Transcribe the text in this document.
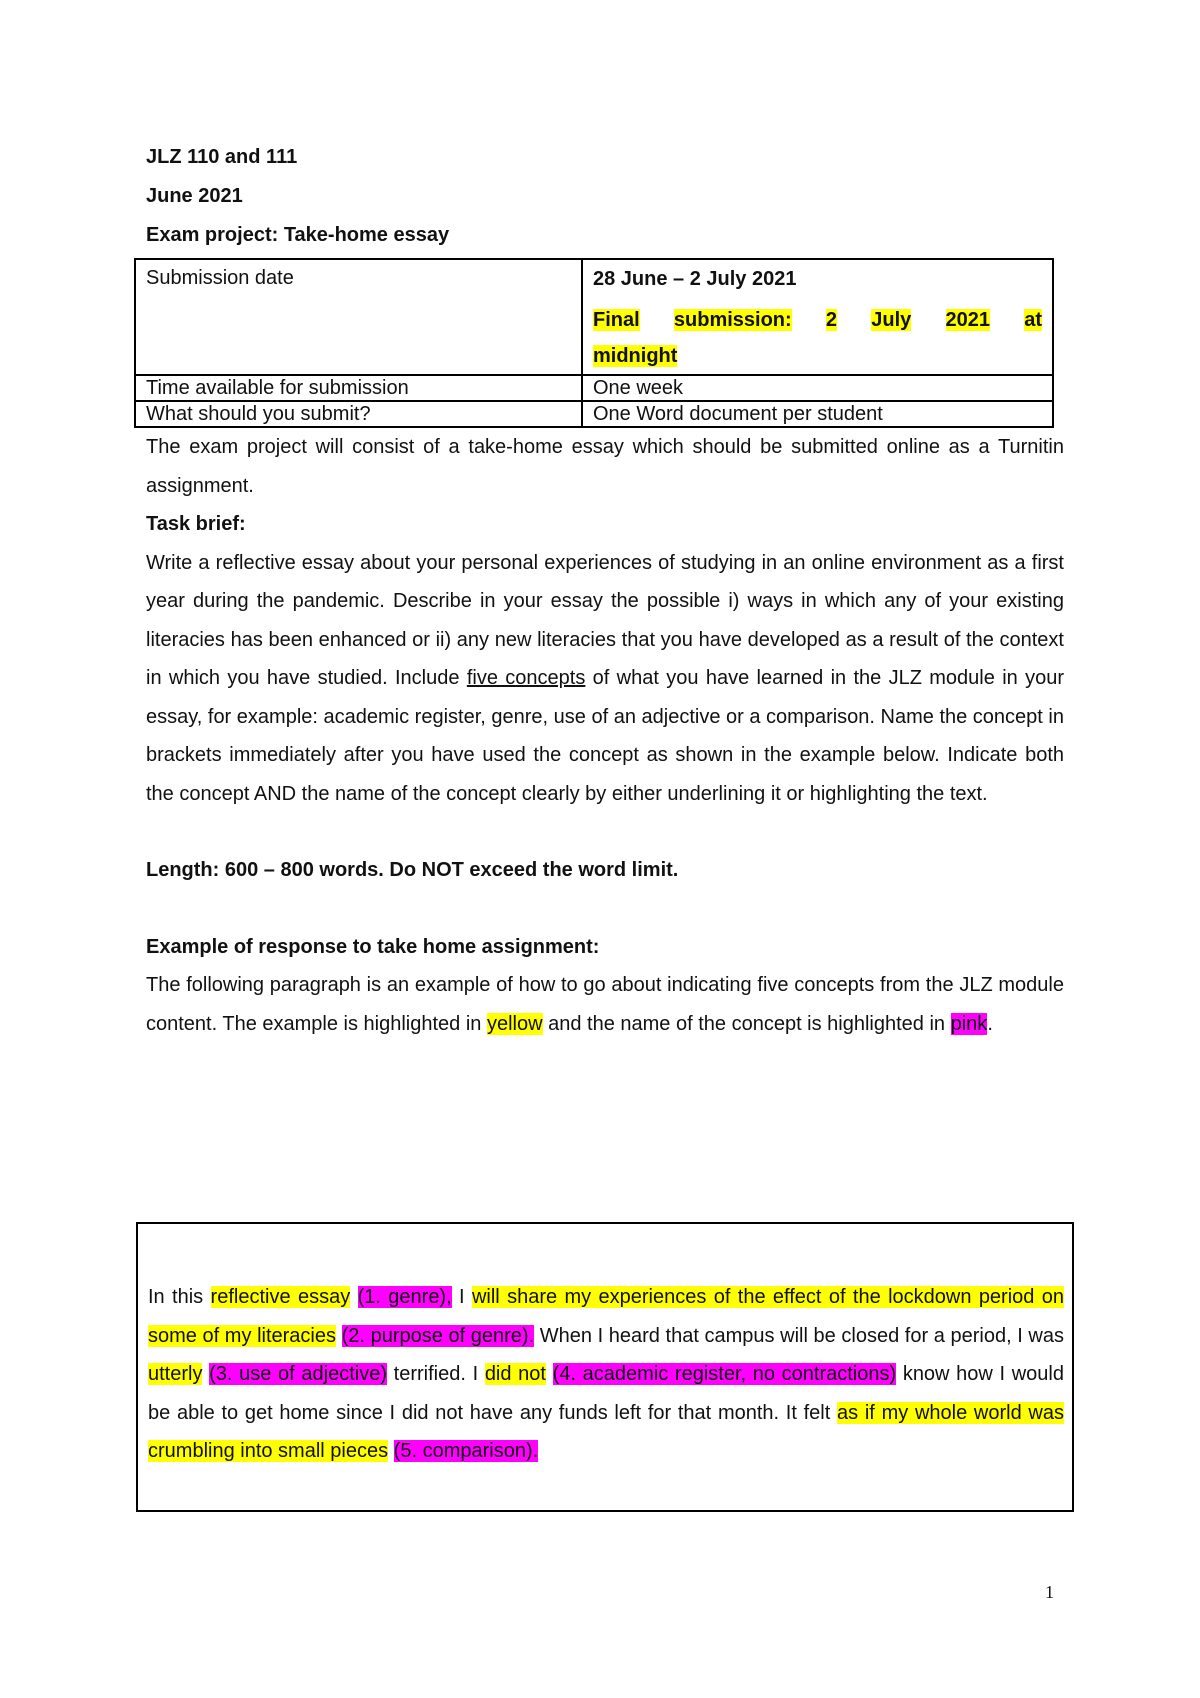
JLZ 110 and 111
June 2021
Exam project: Take-home essay
Submission date	28 June – 2 July 2021
Final submission: 2 July 2021 at
midnight

Time available for submission	One week
What should you submit?	One Word document per student

The exam project will consist of a take-home essay which should be submitted online as a Turnitin assignment.

Task brief:

Write a reflective essay about your personal experiences of studying in an online environment as a first year during the pandemic. Describe in your essay the possible i) ways in which any of your existing literacies has been enhanced or ii) any new literacies that you have developed as a result of the context in which you have studied. Include five concepts of what you have learned in the JLZ module in your essay, for example: academic register, genre, use of an adjective or a comparison. Name the concept in brackets immediately after you have used the concept as shown in the example below. Indicate both the concept AND the name of the concept clearly by either underlining it or highlighting the text.

Length: 600 – 800 words. Do NOT exceed the word limit.

Example of response to take home assignment:

The following paragraph is an example of how to go about indicating five concepts from the JLZ module content. The example is highlighted in yellow and the name of the concept is highlighted in pink.

In this reflective essay (1. genre), I will share my experiences of the effect of the lockdown period on some of my literacies (2. purpose of genre). When I heard that campus will be closed for a period, I was utterly (3. use of adjective) terrified. I did not (4. academic register, no contractions) know how I would be able to get home since I did not have any funds left for that month. It felt as if my whole world was crumbling into small pieces (5. comparison).

1
